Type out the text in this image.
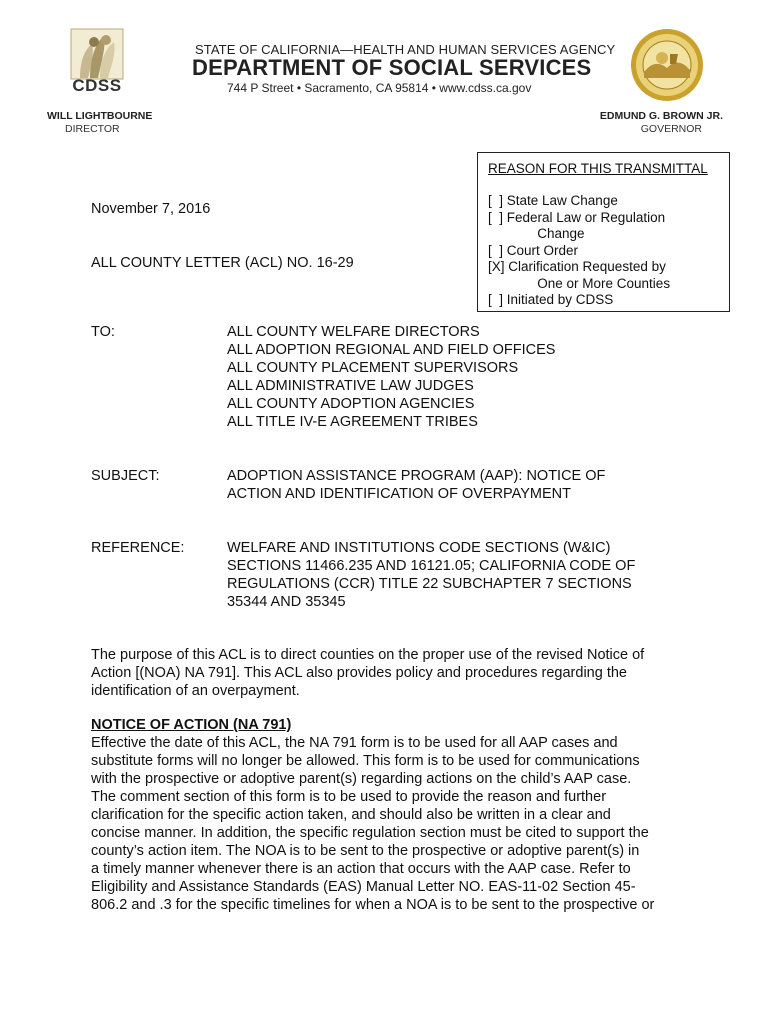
CDSS
STATE OF CALIFORNIA—HEALTH AND HUMAN SERVICES AGENCY
DEPARTMENT OF SOCIAL SERVICES
744 P Street • Sacramento, CA 95814 • www.cdss.ca.gov
WILL LIGHTBOURNE
DIRECTOR
EDMUND G. BROWN JR.
GOVERNOR
REASON FOR THIS TRANSMITTAL
[  ] State Law Change
[  ] Federal Law or Regulation
Change
[  ] Court Order
[X] Clarification Requested by
One or More Counties
[  ] Initiated by CDSS
November 7, 2016
ALL COUNTY LETTER (ACL) NO. 16-29
TO:	ALL COUNTY WELFARE DIRECTORS
ALL ADOPTION REGIONAL AND FIELD OFFICES
ALL COUNTY PLACEMENT SUPERVISORS
ALL ADMINISTRATIVE LAW JUDGES
ALL COUNTY ADOPTION AGENCIES
ALL TITLE IV-E AGREEMENT TRIBES
SUBJECT:	ADOPTION ASSISTANCE PROGRAM (AAP): NOTICE OF
ACTION AND IDENTIFICATION OF OVERPAYMENT
REFERENCE:	WELFARE AND INSTITUTIONS CODE SECTIONS (W&IC)
SECTIONS 11466.235 AND 16121.05; CALIFORNIA CODE OF
REGULATIONS (CCR) TITLE 22 SUBCHAPTER 7 SECTIONS
35344 AND 35345
The purpose of this ACL is to direct counties on the proper use of the revised Notice of
Action [(NOA) NA 791]. This ACL also provides policy and procedures regarding the
identification of an overpayment.
NOTICE OF ACTION (NA 791)
Effective the date of this ACL, the NA 791 form is to be used for all AAP cases and
substitute forms will no longer be allowed. This form is to be used for communications
with the prospective or adoptive parent(s) regarding actions on the child’s AAP case.
The comment section of this form is to be used to provide the reason and further
clarification for the specific action taken, and should also be written in a clear and
concise manner. In addition, the specific regulation section must be cited to support the
county’s action item. The NOA is to be sent to the prospective or adoptive parent(s) in
a timely manner whenever there is an action that occurs with the AAP case. Refer to
Eligibility and Assistance Standards (EAS) Manual Letter NO. EAS-11-02 Section 45-
806.2 and .3 for the specific timelines for when a NOA is to be sent to the prospective or
